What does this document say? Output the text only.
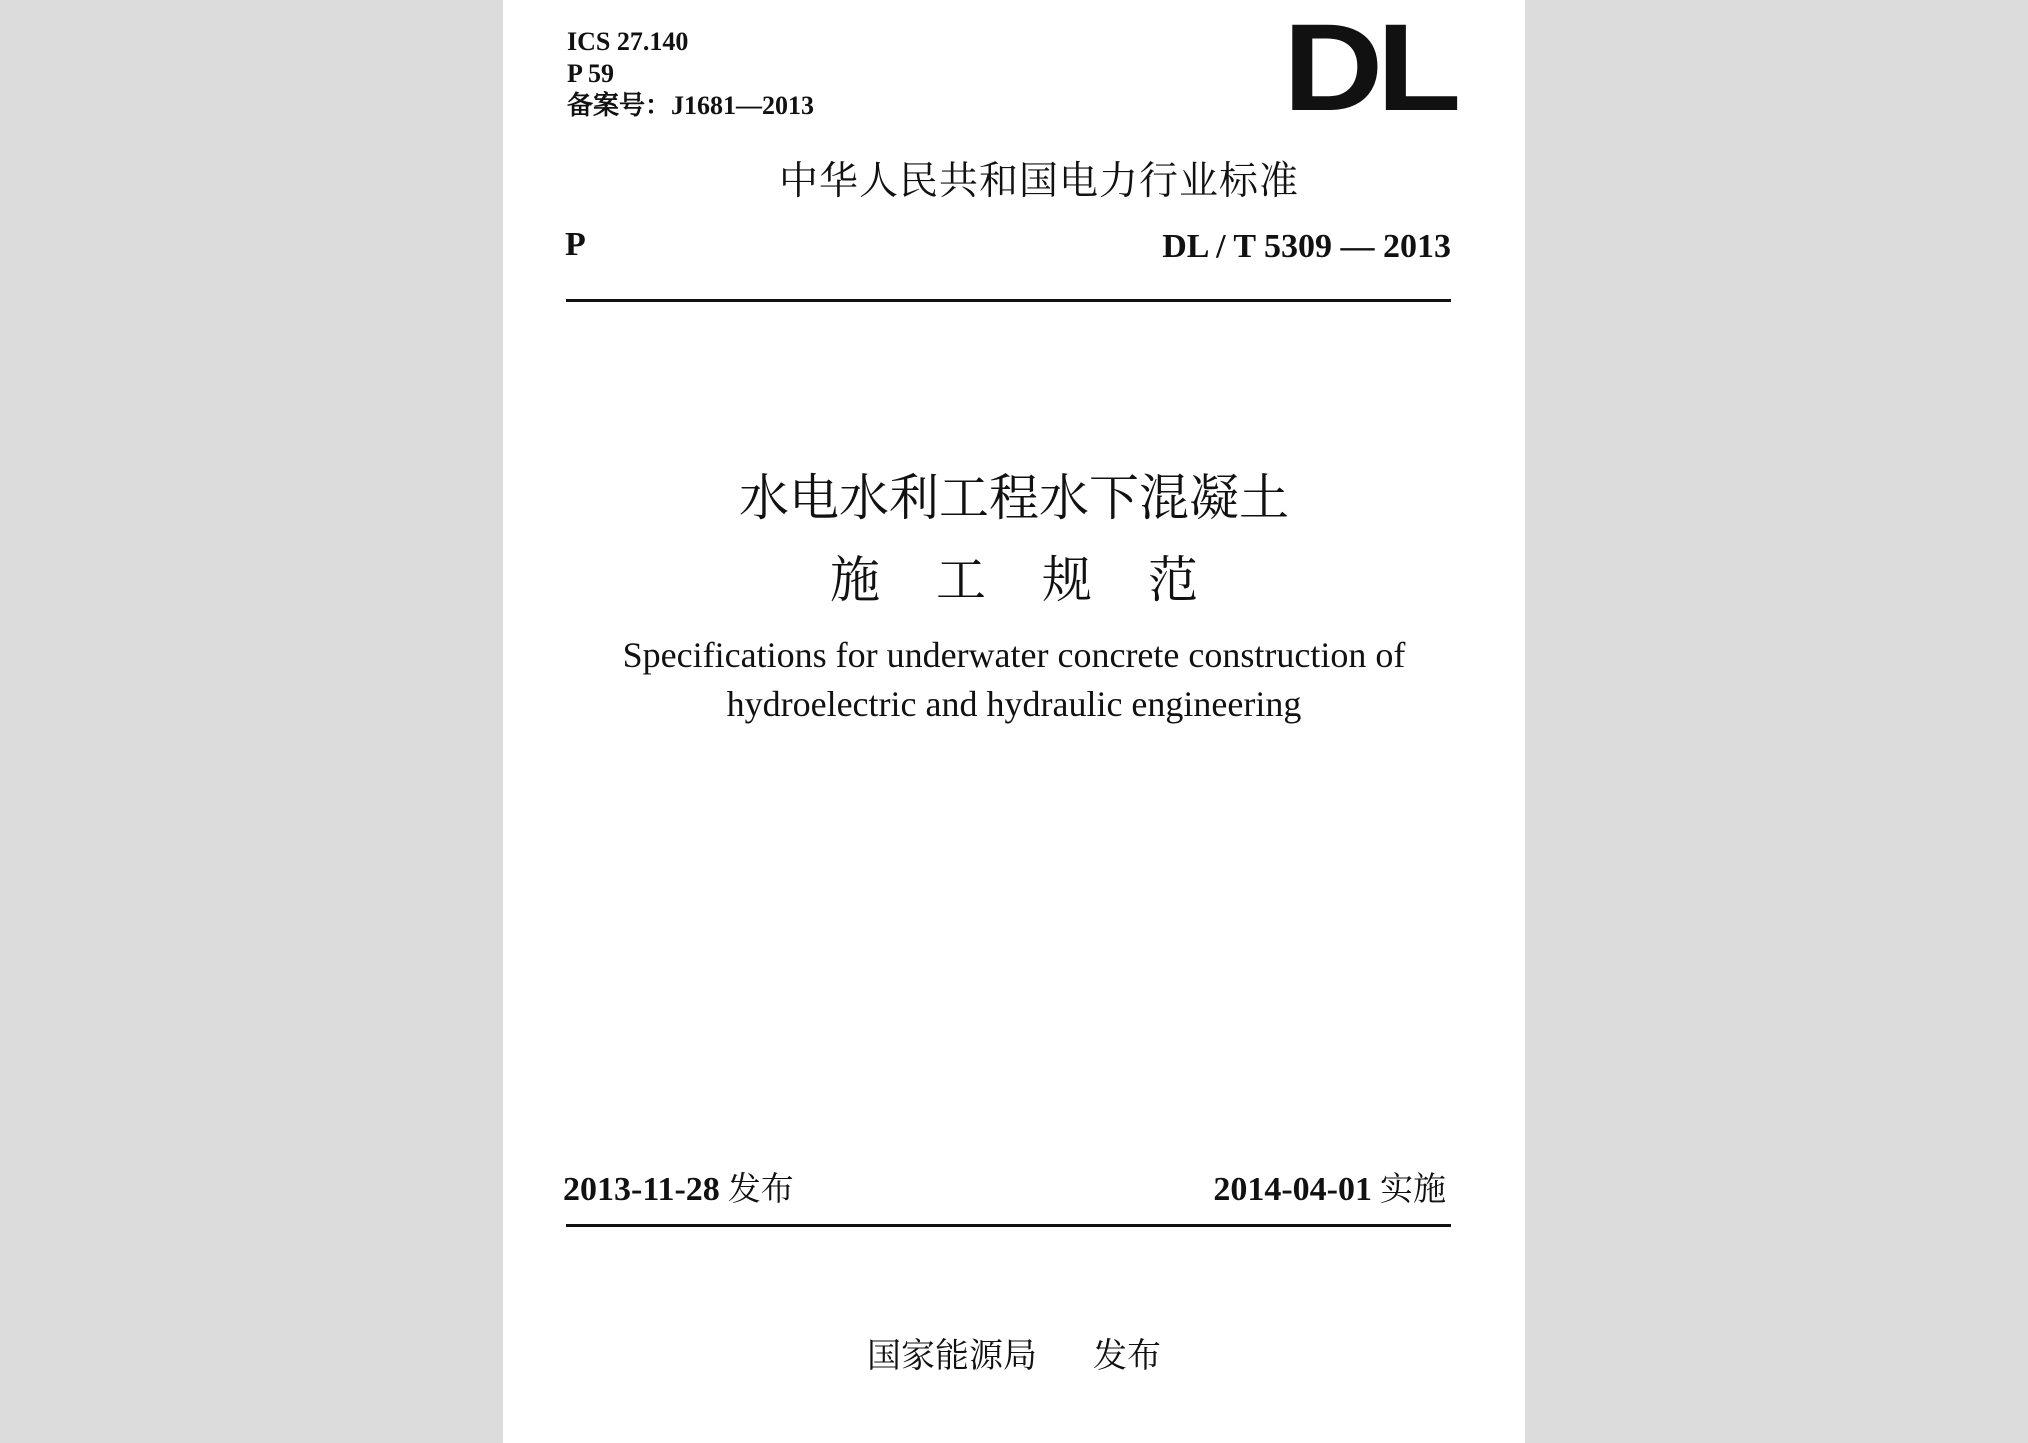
ICS 27.140
P 59
备案号：J1681—2013	DL
中华人民共和国电力行业标准
P	DL / T 5309 — 2013
水电水利工程水下混凝土
施工规范
Specifications for underwater concrete construction of
hydroelectric and hydraulic engineering
2013-11-28 发布	2014-04-01 实施
国家能源局 发布
